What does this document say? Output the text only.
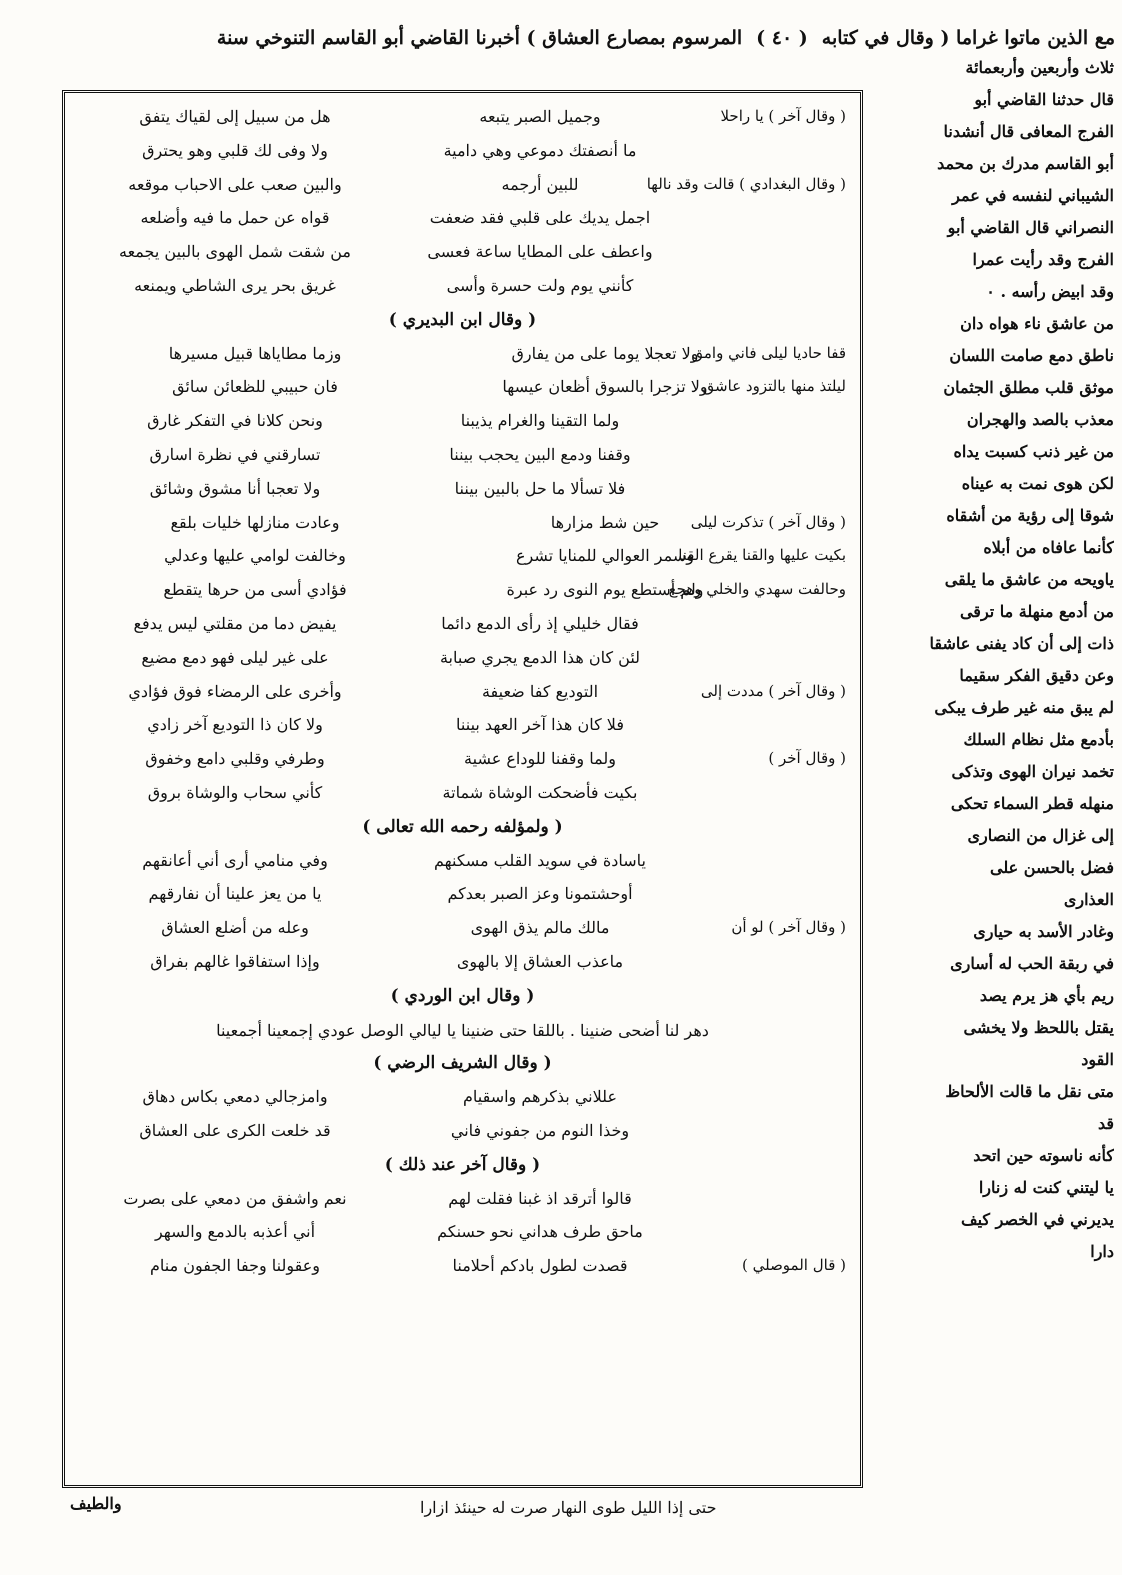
مع الذين ماتوا غراما ( وقال في كتابه
( ٤٠ )
المرسوم بمصارع العشاق ) أخبرنا القاضي أبو القاسم التنوخي سنة
( وقال آخر ) يا راحلا
وجميل الصبر يتبعه
هل من سبيل إلى لقياك يتفق
ما أنصفتك دموعي وهي دامية
ولا وفى لك قلبي وهو يحترق
( وقال البغدادي ) قالت وقد نالها
للبين أرجمه
والبين صعب على الاحباب موقعه
اجمل يديك على قلبي فقد ضعفت
قواه عن حمل ما فيه وأضلعه
واعطف على المطايا ساعة فعسى
من شقت شمل الهوى بالبين يجمعه
كأنني يوم ولت حسرة وأسى
غريق بحر يرى الشاطي ويمنعه
( وقال ابن البديري )
قفا حاديا ليلى فاني وامق
ولا تعجلا يوما على من يفارق
وزما مطاياها قبيل مسيرها
ليلتذ منها بالتزود عاشق
ولا تزجرا بالسوق أظعان عيسها
فان حبيبي للظعائن سائق
ولما التقينا والغرام يذيبنا
ونحن كلانا في التفكر غارق
وقفنا ودمع البين يحجب بيننا
تسارقني في نظرة اسارق
فلا تسألا ما حل بالبين بيننا
ولا تعجبا أنا مشوق وشائق
( وقال آخر ) تذكرت ليلى
حين شط مزارها
وعادت منازلها خليات بلقع
بكيت عليها والقنا يقرع القنا
وسمر العوالي للمنايا تشرع
وخالفت لوامي عليها وعدلي
وحالفت سهدي والخلي وهجع
ولم أستطع يوم النوى رد عبرة
فؤادي أسى من حرها يتقطع
فقال خليلي إذ رأى الدمع دائما
يفيض دما من مقلتي ليس يدفع
لئن كان هذا الدمع يجري صبابة
على غير ليلى فهو دمع مضيع
( وقال آخر ) مددت إلى
التوديع كفا ضعيفة
وأخرى على الرمضاء فوق فؤادي
فلا كان هذا آخر العهد بيننا
ولا كان ذا التوديع آخر زادي
( وقال آخر )
ولما وقفنا للوداع عشية
وطرفي وقلبي دامع وخفوق
بكيت فأضحكت الوشاة شماتة
كأني سحاب والوشاة بروق
( ولمؤلفه رحمه الله تعالى )
ياسادة في سويد القلب مسكنهم
وفي منامي أرى أني أعانقهم
أوحشتمونا وعز الصبر بعدكم
يا من يعز علينا أن نفارقهم
( وقال آخر ) لو أن
مالك مالم يذق الهوى
وعله من أضلع العشاق
ماعذب العشاق إلا بالهوى
وإذا استفاقوا غالهم بفراق
( وقال ابن الوردي )
دهر لنا أضحى ضنينا . باللقا حتى ضنينا يا ليالي الوصل عودي إجمعينا أجمعينا
( وقال الشريف الرضي )
عللاني بذكرهم واسقيام
وامزجالي دمعي بكاس دهاق
وخذا النوم من جفوني فاني
قد خلعت الكرى على العشاق
( وقال آخر عند ذلك )
قالوا أترقد اذ غبنا فقلت لهم
نعم واشفق من دمعي على بصرت
ماحق طرف هداني نحو حسنكم
أني أعذبه بالدمع والسهر
( قال الموصلي )
قصدت لطول بادكم أحلامنا
وعقولنا وجفا الجفون منام
ثلاث وأربعين وأربعمائة
قال حدثنا القاضي أبو
الفرج المعافى قال أنشدنا
أبو القاسم مدرك بن محمد
الشيباني لنفسه في عمر
النصراني قال القاضي أبو
الفرج وقد رأيت عمرا
وقد ابيض رأسه . ٠
من عاشق ناء هواه دان
ناطق دمع صامت اللسان
موثق قلب مطلق الجثمان
معذب بالصد والهجران
من غير ذنب كسبت يداه
لكن هوى نمت به عيناه
شوقا إلى رؤية من أشقاه
كأنما عافاه من أبلاه
ياويحه من عاشق ما يلقى
من أدمع منهلة ما ترقى
ذات إلى أن كاد يفنى عاشقا
وعن دقيق الفكر سقيما
لم يبق منه غير طرف يبكى
بأدمع مثل نظام السلك
تخمد نيران الهوى وتذكى
منهله قطر السماء تحكى
إلى غزال من النصارى
فضل بالحسن على
العذارى
وغادر الأسد به حيارى
في ربقة الحب له أسارى
ريم بأي هز يرم يصد
يقتل باللحظ ولا يخشى
القود
متى نقل ما قالت الألحاظ
قد
كأنه ناسوته حين اتحد
يا ليتني كنت له زنارا
يديرني في الخصر كيف
دارا
حتى إذا الليل طوى النهار صرت له حينئذ ازارا
والطيف
